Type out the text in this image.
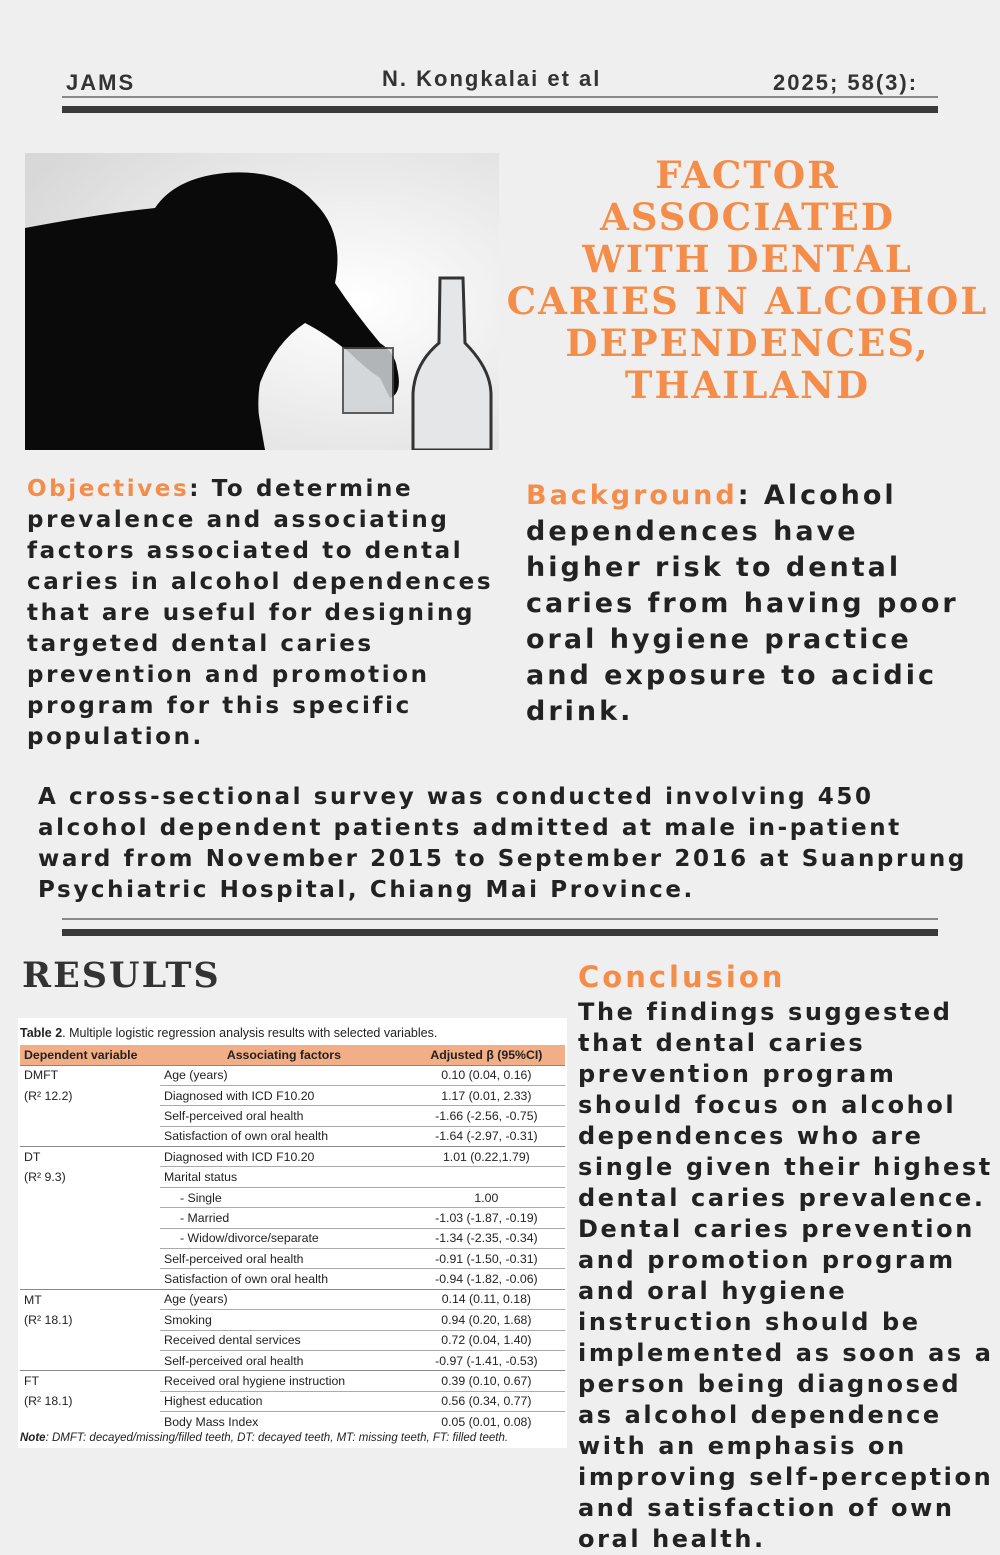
JAMS	N. Kongkalai et al	2025; 58(3):
FACTOR ASSOCIATED
WITH DENTAL
CARIES IN ALCOHOL
DEPENDENCES,
THAILAND
Objectives: To determine prevalence and associating factors associated to dental caries in alcohol dependences that are useful for designing targeted dental caries prevention and promotion program for this specific population.
Background: Alcohol dependences have higher risk to dental caries from having poor oral hygiene practice and exposure to acidic drink.
A cross-sectional survey was conducted involving 450 alcohol dependent patients admitted at male in-patient ward from November 2015 to September 2016 at Suanprung Psychiatric Hospital, Chiang Mai Province.
RESULTS
Table 2. Multiple logistic regression analysis results with selected variables.
Dependent variable	Associating factors	Adjusted β (95%CI)
DMFT	Age (years)	0.10 (0.04, 0.16)
(R² 12.2)	Diagnosed with ICD F10.20	1.17 (0.01, 2.33)
	Self-perceived oral health	-1.66 (-2.56, -0.75)
	Satisfaction of own oral health	-1.64 (-2.97, -0.31)
DT	Diagnosed with ICD F10.20	1.01 (0.22,1.79)
(R² 9.3)	Marital status	
	- Single	1.00
	- Married	-1.03 (-1.87, -0.19)
	- Widow/divorce/separate	-1.34 (-2.35, -0.34)
	Self-perceived oral health	-0.91 (-1.50, -0.31)
	Satisfaction of own oral health	-0.94 (-1.82, -0.06)
MT	Age (years)	0.14 (0.11, 0.18)
(R² 18.1)	Smoking	0.94 (0.20, 1.68)
	Received dental services	0.72 (0.04, 1.40)
	Self-perceived oral health	-0.97 (-1.41, -0.53)
FT	Received oral hygiene instruction	0.39 (0.10, 0.67)
(R² 18.1)	Highest education	0.56 (0.34, 0.77)
	Body Mass Index	0.05 (0.01, 0.08)
Note: DMFT: decayed/missing/filled teeth, DT: decayed teeth, MT: missing teeth, FT: filled teeth.
Conclusion
The findings suggested that dental caries prevention program should focus on alcohol dependences who are single given their highest dental caries prevalence. Dental caries prevention and promotion program and oral hygiene instruction should be implemented as soon as a person being diagnosed as alcohol dependence with an emphasis on improving self-perception and satisfaction of own oral health.
